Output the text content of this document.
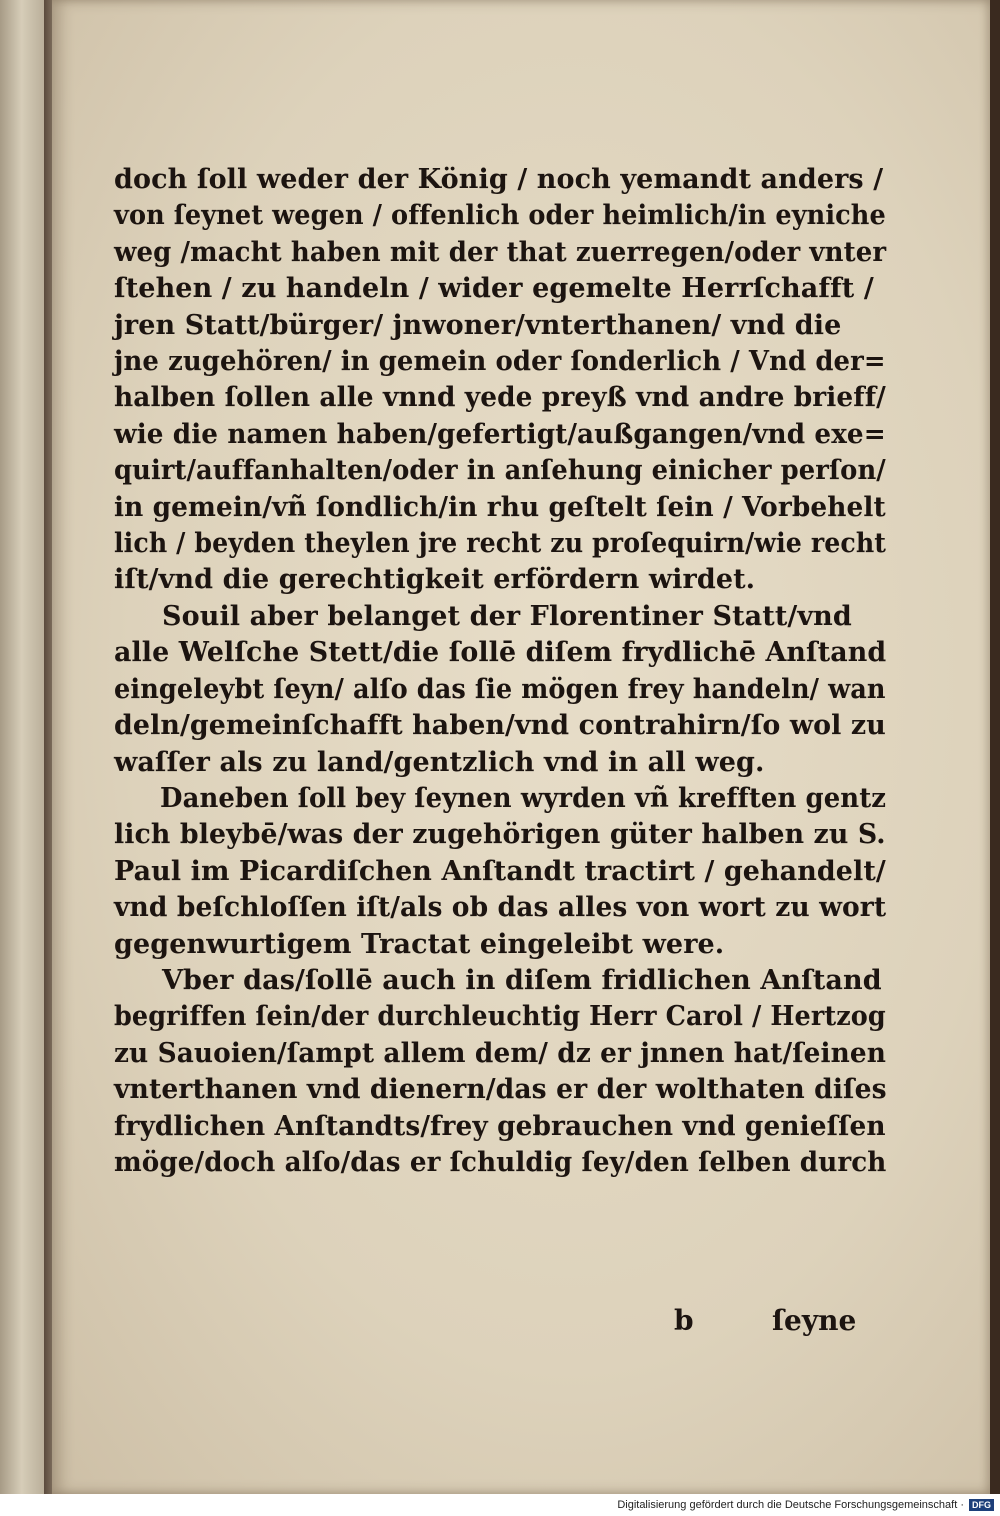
doch ſoll weder der König / noch yemandt anders /
von ſeynet wegen / offenlich oder heimlich/in eyniche
weg /macht haben mit der that zuerregen/oder vnter
ſtehen / zu handeln / wider egemelte Herrſchafft /
jren Statt/bürger/ jnwoner/vnterthanen/ vnd die
jne zugehören/ in gemein oder ſonderlich / Vnd der=
halben ſollen alle vnnd yede preyß vnd andre brieff/
wie die namen haben/gefertigt/außgangen/vnd exe=
quirt/auffanhalten/oder in anſehung einicher perſon/
in gemein/vñ ſondlich/in rhu geſtelt ſein / Vorbehelt
lich / beyden theylen jre recht zu proſequirn/wie recht
iſt/vnd die gerechtigkeit erfördern wirdet.
Souil aber belanget der Florentiner Statt/vnd
alle Welſche Stett/die ſollē diſem frydlichē Anſtand
eingeleybt ſeyn/ alſo das ſie mögen frey handeln/ wan
deln/gemeinſchafft haben/vnd contrahirn/ſo wol zu
waſſer als zu land/gentzlich vnd in all weg.
Daneben ſoll bey ſeynen wyrden vñ krefften gentz
lich bleybē/was der zugehörigen güter halben zu S.
Paul im Picardiſchen Anſtandt tractirt / gehandelt/
vnd beſchloſſen iſt/als ob das alles von wort zu wort
gegenwurtigem Tractat eingeleibt were.
Vber das/ſollē auch in diſem fridlichen Anſtand
begriffen ſein/der durchleuchtig Herr Carol / Hertzog
zu Sauoien/ſampt allem dem/ dz er jnnen hat/ſeinen
vnterthanen vnd dienern/das er der wolthaten diſes
frydlichen Anſtandts/frey gebrauchen vnd genieſſen
möge/doch alſo/das er ſchuldig ſey/den ſelben durch
b	ſeyne
Digitalisierung gefördert durch die Deutsche Forschungsgemeinschaft · DFG
